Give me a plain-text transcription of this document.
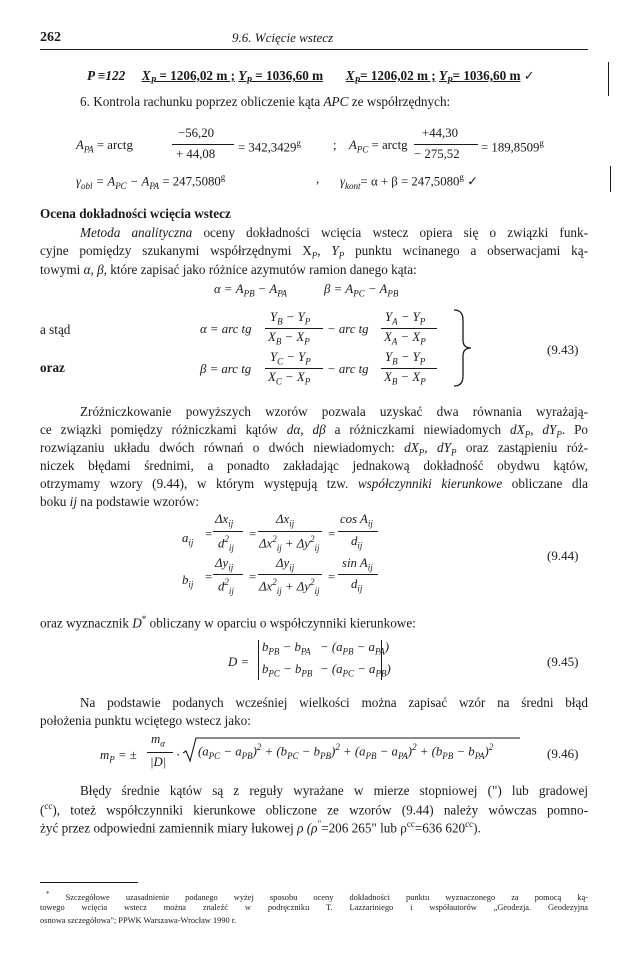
262	9.6. Wcięcie wstecz
P ≡122 $X_P = 1206,02$ m ; $Y_P = 1036,60$ m $X_P= 1206,02$ m ; $Y_P= 1036,60$ m ✓
6. Kontrola rachunku poprzez obliczenie kąta APC ze współrzędnych:
$A_{PA}$ = arctg
−56,20
+ 44,08 = 342,3429$^g$	; $A_{PC}$ = arctg
+44,30
− 275,52 = 189,8509$^g$
$\gamma_{obl} = A_{PC} - A_{PA} = 247,5080^g$	, $\gamma_{kont}= \alpha + \beta = 247,5080^g$ ✓
Ocena dokładności wcięcia wstecz
Metoda analityczna oceny dokładności wcięcia wstecz opiera się o związki funk-
cyjne pomiędzy szukanymi współrzędnymi $X_P$, $Y_P$ punktu wcinanego a obserwacjami ką-
towymi α, β, które zapisać jako różnice azymutów ramion danego kąta:
$\alpha = A_{PB} - A_{PA}$	$\beta = A_{PC} - A_{PB}$
a stąd
oraz
α = arc tg
$Y_B - Y_P$
$X_B - X_P$
− arc tg
$Y_A - Y_P$
$X_A - X_P$
β = arc tg
$Y_C - Y_P$
$X_C - X_P$
− arc tg
$Y_B - Y_P$
$X_B - X_P$
(9.43)
Zróżniczkowanie powyższych wzorów pozwala uzyskać dwa równania wyrażają-
ce związki pomiędzy różniczkami kątów dα, dβ a różniczkami niewiadomych $dX_P$, $dY_P$. Po
rozwiązaniu układu dwóch równań o dwóch niewiadomych: $dX_P$, $dY_P$ oraz zastąpieniu róż-
niczek błędami średnimi, a ponadto zakładając jednakową dokładność obydwu kątów,
otrzymamy wzory (9.44), w którym występują tzw. współczynniki kierunkowe obliczane dla
boku ij na podstawie wzorów:
$a_{ij}$
=
$\Delta x_{ij}$
$d^2_{ij}$
=
$\Delta x_{ij}$
$\Delta x^2_{ij} + \Delta y^2_{ij}$
=
$\cos A_{ij}$
$d_{ij}$
$b_{ij}$
=
$\Delta y_{ij}$
$d^2_{ij}$
=
$\Delta y_{ij}$
$\Delta x^2_{ij} + \Delta y^2_{ij}$
=
$\sin A_{ij}$
$d_{ij}$
(9.44)
oraz wyznacznik D* obliczany w oparciu o współczynniki kierunkowe:
D =
$b_{PB} - b_{PA} - (a_{PB} - a_{PA})$
$b_{PC} - b_{PB} - (a_{PC} - a_{PB})$	(9.45)
Na podstawie podanych wcześniej wielkości można zapisać wzór na średni błąd
położenia punktu wciętego wstecz jako:
$m_P$ = ±
$m_\alpha$
$|D| \cdot (a_{PC} - a_{PB})^2 + (b_{PC} - b_{PB})^2 + (a_{PB} - a_{PA})^2 + (b_{PB} - b_{PA})^2$	(9.46)
Błędy średnie kątów są z reguły wyrażane w mierze stopniowej (") lub gradowej
($^{cc}$), toteż współczynniki kierunkowe obliczone ze wzorów (9.44) należy wówczas pomno-
żyć przez odpowiedni zamiennik miary łukowej ρ (ρ"=206 265" lub $\rho^{cc}=636$ $620^{cc}$).
* Szczegółowe uzasadnienie podanego wyżej sposobu oceny dokładności punktu wyznaczonego za pomocą ką-
towego wcięcia wstecz można znaleźć w podręczniku T. Lazzariniego i współautorów „Geodezja. Geodezyjna
osnowa szczegółowa"; PPWK Warszawa-Wrocław 1990 r.
